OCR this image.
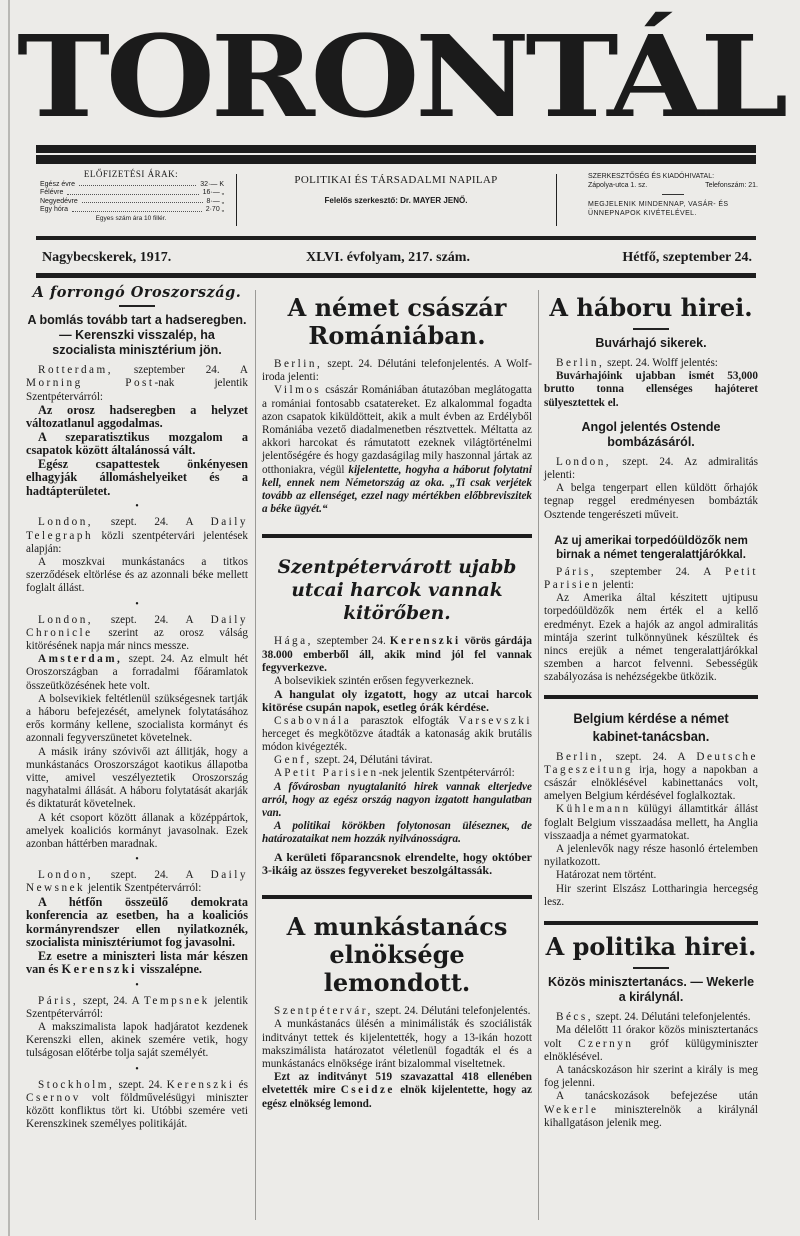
TORONTÁL
ELŐFIZETÉSI ÁRAK:
Egész évre	32·— K
Félévre	16·— „
Negyedévre	8·— „
Egy hóra	2·70 „
Egyes szám ára 10 fillér.
POLITIKAI ÉS TÁRSADALMI NAPILAP
Felelős szerkesztő: Dr. MAYER JENŐ.
SZERKESZTŐSÉG ÉS KIADÓHIVATAL:
Zápolya-utca 1. sz.	Telefonszám: 21.
MEGJELENIK MINDENNAP, VASÁR- ÉS ÜNNEPNAPOK KIVÉTELÉVEL.
Nagybecskerek, 1917.	XLVI. évfolyam, 217. szám.	Hétfő, szeptember 24.
A forrongó Oroszország.
A bomlás tovább tart a hadseregben. — Kerenszki visszalép, ha szocialista minisztérium jön.

Rotterdam, szeptember 24. A Morning Post-nak jelentik Szentpétervárról:

Az orosz hadseregben a helyzet változatlanul aggodalmas.

A szeparatisztikus mozgalom a csapatok között általánossá vált.

Egész csapattestek önkényesen elhagyják állomáshelyeiket és a hadtápterületet.

•

London, szept. 24. A Daily Telegraph közli szentpétervári jelentések alapján:

A moszkvai munkástanács a titkos szerződések eltörlése és az azonnali béke mellett foglalt állást.

•

London, szept. 24. A Daily Chronicle szerint az orosz válság kitörésének napja már nincs messze.

Amsterdam, szept. 24. Az elmult hét Oroszországban a forradalmi főáramlatok összeütközésének hete volt.

A bolsevikiek feltétlenül szükségesnek tartják a háboru befejezését, amelynek folytatásához erős kormány kellene, szocialista kormányt és azonnali fegyverszünetet követelnek.

A másik irány szóvivői azt állitják, hogy a munkástanács Oroszországot kaotikus állapotba vitte, amivel veszélyeztetik Oroszország nagyhatalmi állását. A háboru folytatását akarják és diktaturát követelnek.

A két csoport között állanak a középpártok, amelyek koaliciós kormányt javasolnak. Ezek azonban háttérben maradnak.

•

London, szept. 24. A Daily Newsnek jelentik Szentpétervárról:

A hétfőn összeülő demokrata konferencia az esetben, ha a koaliciós kormányrendszer ellen nyilatkoznék, szocialista minisztériumot fog javasolni.

Ez esetre a miniszteri lista már készen van és Kerenszki visszalépne.

•

Páris, szept, 24. A Tempsnek jelentik Szentpétervárról:

A makszimalista lapok hadjáratot kezdenek Kerenszki ellen, akinek szemére vetik, hogy tulságosan előtérbe tolja saját személyét.

•

Stockholm, szept. 24. Kerenszki és Csernov volt földművelésügyi miniszter között konfliktus tört ki. Utóbbi szemére veti Kerenszkinek személyes politikáját.

A német császár Romániában.

Berlin, szept. 24. Délutáni telefonjelentés. A Wolf-iroda jelenti:

Vilmos császár Romániában átutazóban meglátogatta a romániai fontosabb csatatereket. Ez alkalommal fogadta azon csapatok kiküldötteit, akik a mult évben az Erdélyből Romániába vezető diadalmenetben résztvettek. Méltatta az akkori harcokat és rámutatott ezeknek világtörténelmi jelentőségére és hogy gazdaságilag mily haszonnal jártak az otthoniakra, végül kijelentette, hogyha a háborut folytatni kell, ennek nem Németország az oka. „Ti csak verjétek tovább az ellenséget, ezzel nagy mértékben előbbreviszitek a béke ügyét.“

Szentpétervárott ujabb utcai harcok vannak kitörőben.

Hága, szeptember 24. Kerenszki vörös gárdája 38.000 emberből áll, akik mind jól fel vannak fegyverkezve.

A bolsevikiek szintén erősen fegyverkeznek.

A hangulat oly izgatott, hogy az utcai harcok kitörése csupán napok, esetleg órák kérdése.

Csabovnála parasztok elfogták Varsevszki herceget és megkötözve átadták a katonaság akik brutális módon kivégezték.

Genf, szept. 24, Délutáni távirat.

A Petit Parisien-nek jelentik Szentpétervárról:

A fővárosban nyugtalanitó hirek vannak elterjedve arról, hogy az egész ország nagyon izgatott hangulatban van.

A politikai körökben folytonosan ülésezneк, de határozataikat nem hozzák nyilvánosságra.

A kerületi főparancsnok elrendelte, hogy október 3-ikáig az összes fegyvereket beszolgáltassák.

A munkástanács elnöksége lemondott.

Szentpétervár, szept. 24. Délutáni telefonjelentés.

A munkástanács ülésén a minimálisták és szociálisták inditványt tettek és kijelentették, hogy a 13-ikán hozott makszimálista határozatot véletlenül fogadták el és a munkástanács elnöksége iránt bizalommal viseltetnek.

Ezt az inditványt 519 szavazattal 418 ellenében elvetették mire Cseidze elnök kijelentette, hogy az egész elnökség lemond.

A háboru hirei.
Buvárhajó sikerek.

Berlin, szept. 24. Wolff jelentés:

Buvárhajóink ujabban ismét 53,000 brutto tonna ellenséges hajóteret sülyesztettek el.

Angol jelentés Ostende bombázásáról.

London, szept. 24. Az admiralitás jelenti:

A belga tengerpart ellen küldött őrhajók tegnap reggel eredményesen bombázták Osztende tengerészeti műveit.

Az uj amerikai torpedóüldözők nem birnak a német tengeralattjárókkal.

Páris, szeptember 24. A Petit Parisien jelenti:

Az Amerika által készitett ujtipusu torpedóüldözők nem érték el a kellő eredményt. Ezek a hajók az angol admiralitás mintája szerint tulkönnyünek készültek és nincs erejük a német tengeralattjárókkal szemben a harcot felvenni. Sebességük szabályozása is nehézségekbe ütközik.

Belgium kérdése a német kabinet-tanácsban.

Berlin, szept. 24. A Deutsche Tageszeitung irja, hogy a napokban a császár elnöklésével kabinettanács volt, amelyen Belgium kérdésével foglalkoztak.

Kühlemann külügyi államtitkár állást foglalt Belgium visszaadása mellett, ha Anglia visszaadja a német gyarmatokat.

A jelenlevők nagy része hasonló értelemben nyilatkozott.

Határozat nem történt.

Hir szerint Elszász Lottharingia hercegség lesz.

A politika hirei.
Közös minisztertanács. — Wekerle a királynál.

Bécs, szept. 24. Délutáni telefonjelentés.

Ma délelőtt 11 órakor közös minisztertanács volt Czernyn gróf külügyminiszter elnöklésével.

A tanácskozáson hir szerint a király is meg fog jelenni.

A tanácskozások befejezése után Wekerle miniszterelnök a királynál kihallgatáson jelenik meg.
